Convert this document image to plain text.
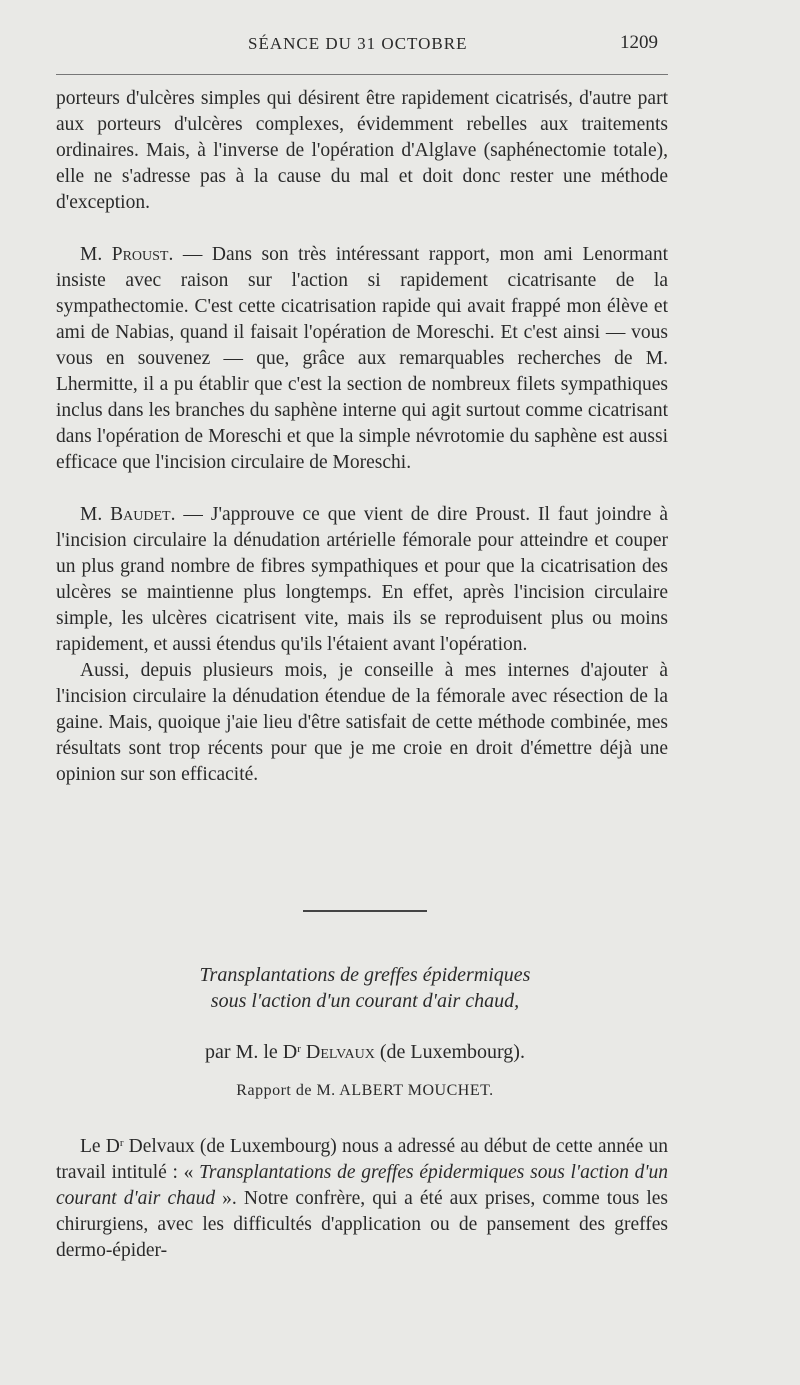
SÉANCE DU 31 OCTOBRE	1209

porteurs d'ulcères simples qui désirent être rapidement cicatrisés, d'autre part aux porteurs d'ulcères complexes, évidemment rebelles aux traitements ordinaires. Mais, à l'inverse de l'opération d'Alglave (saphénectomie totale), elle ne s'adresse pas à la cause du mal et doit donc rester une méthode d'exception.

M. Proust. — Dans son très intéressant rapport, mon ami Lenormant insiste avec raison sur l'action si rapidement cicatrisante de la sympathectomie. C'est cette cicatrisation rapide qui avait frappé mon élève et ami de Nabias, quand il faisait l'opération de Moreschi. Et c'est ainsi — vous vous en souvenez — que, grâce aux remarquables recherches de M. Lhermitte, il a pu établir que c'est la section de nombreux filets sympathiques inclus dans les branches du saphène interne qui agit surtout comme cicatrisant dans l'opération de Moreschi et que la simple névrotomie du saphène est aussi efficace que l'incision circulaire de Moreschi.

M. Baudet. — J'approuve ce que vient de dire Proust. Il faut joindre à l'incision circulaire la dénudation artérielle fémorale pour atteindre et couper un plus grand nombre de fibres sympathiques et pour que la cicatrisation des ulcères se maintienne plus longtemps. En effet, après l'incision circulaire simple, les ulcères cicatrisent vite, mais ils se reproduisent plus ou moins rapidement, et aussi étendus qu'ils l'étaient avant l'opération.

Aussi, depuis plusieurs mois, je conseille à mes internes d'ajouter à l'incision circulaire la dénudation étendue de la fémorale avec résection de la gaine. Mais, quoique j'aie lieu d'être satisfait de cette méthode combinée, mes résultats sont trop récents pour que je me croie en droit d'émettre déjà une opinion sur son efficacité.

Transplantations de greffes épidermiques
sous l'action d'un courant d'air chaud,
par M. le $D^r$ Delvaux (de Luxembourg).
Rapport de M. ALBERT MOUCHET.

Le $D^r$ Delvaux (de Luxembourg) nous a adressé au début de cette année un travail intitulé : « Transplantations de greffes épidermiques sous l'action d'un courant d'air chaud ». Notre confrère, qui a été aux prises, comme tous les chirurgiens, avec les difficultés d'application ou de pansement des greffes dermo-épider-
